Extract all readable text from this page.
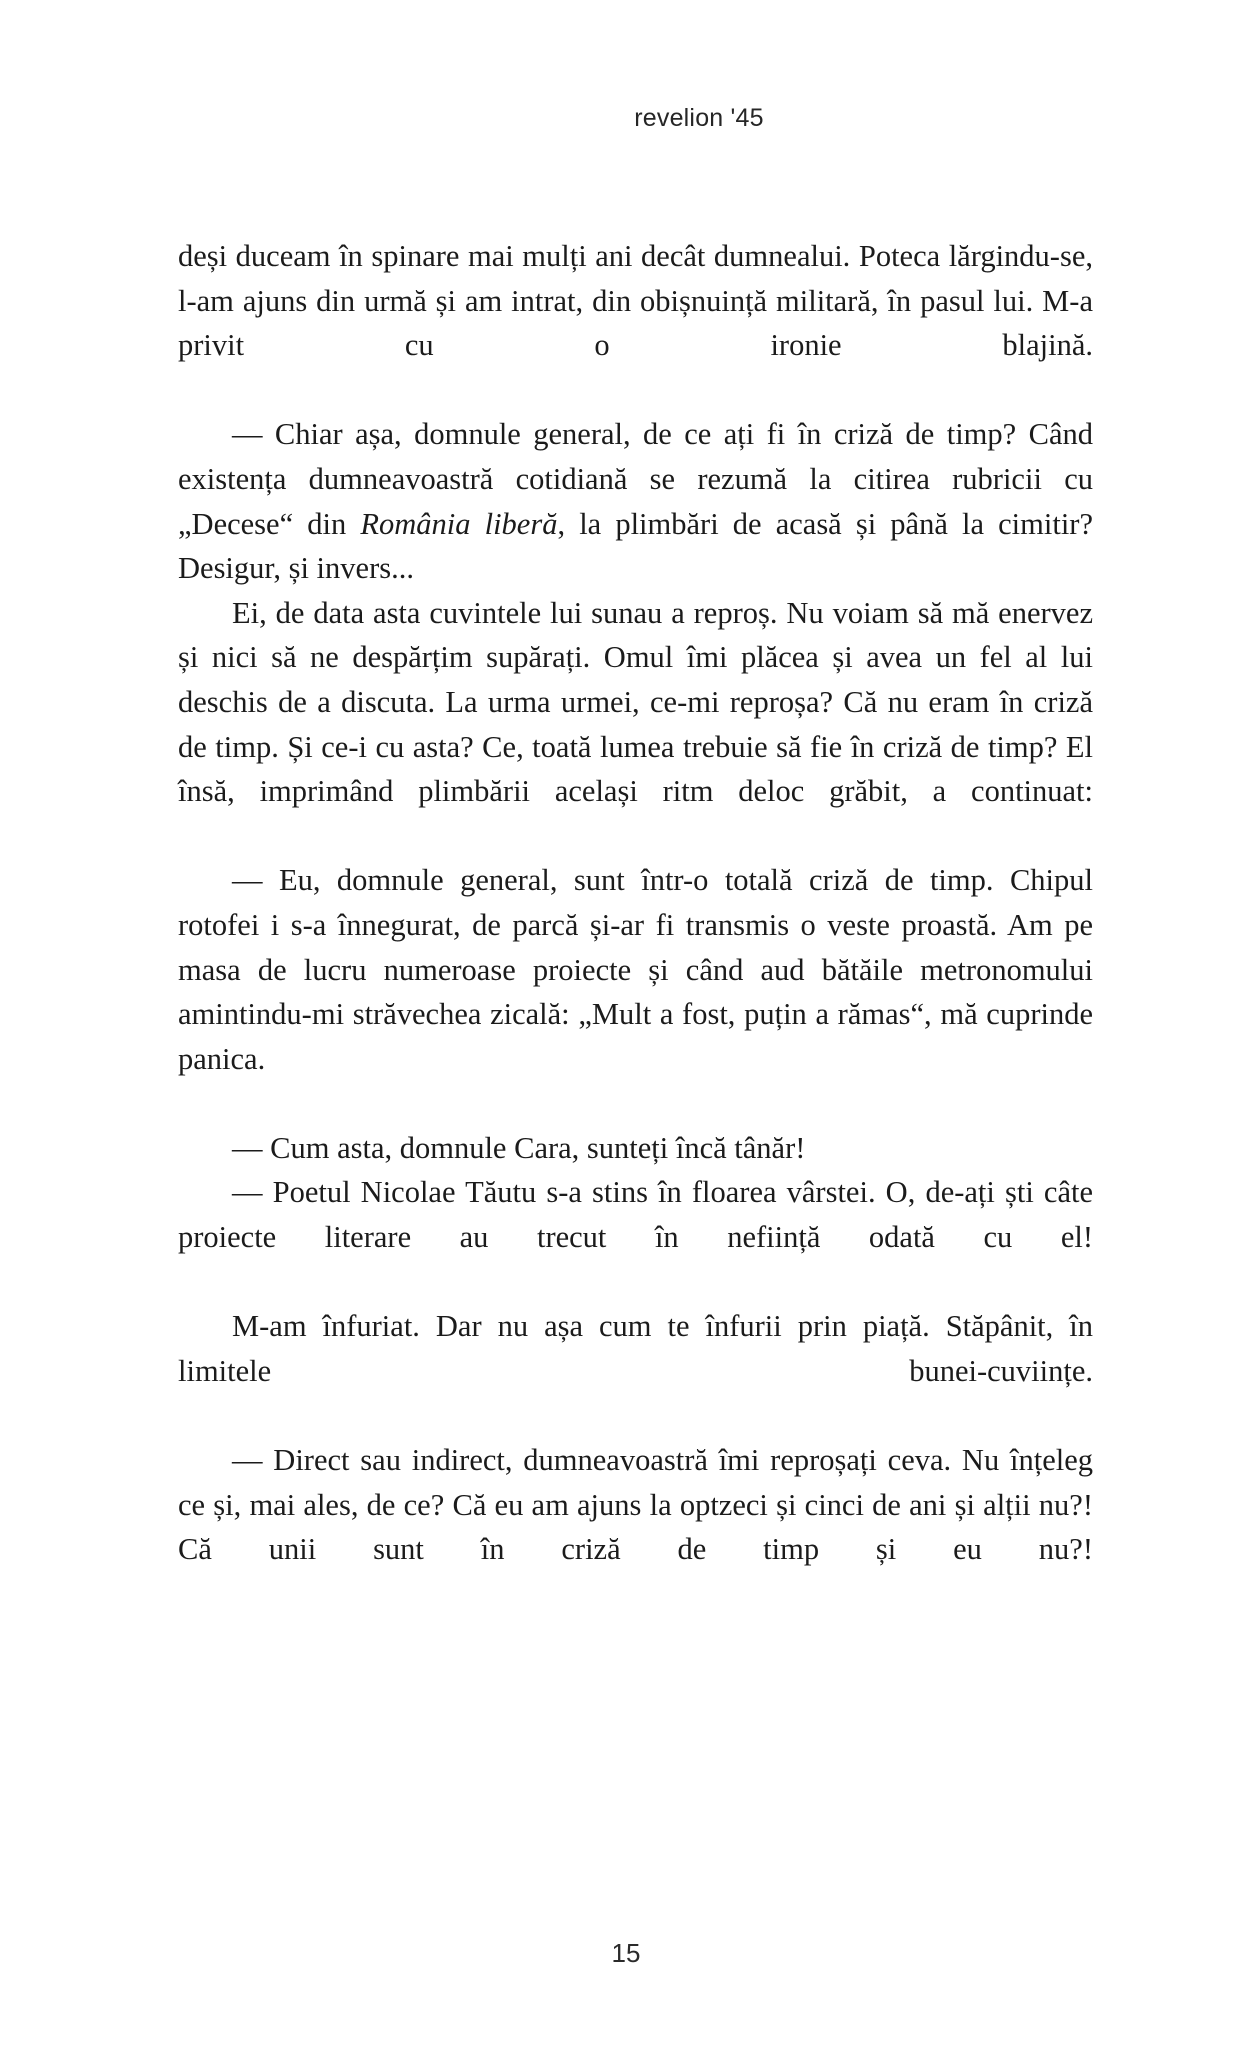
revelion '45

deși duceam în spinare mai mulți ani decât dumnealui. Poteca lărgindu-se, l-am ajuns din urmă și am intrat, din obișnuință militară, în pasul lui. M-a privit cu o ironie blajină.

— Chiar așa, domnule general, de ce ați fi în criză de timp? Când existența dumneavoastră cotidiană se rezumă la citirea rubricii cu „Decese“ din România liberă, la plimbări de acasă și până la cimitir? Desigur, și invers...

Ei, de data asta cuvintele lui sunau a reproș. Nu voiam să mă enervez și nici să ne despărțim supărați. Omul îmi plăcea și avea un fel al lui deschis de a discuta. La urma urmei, ce-mi reproșa? Că nu eram în criză de timp. Și ce-i cu asta? Ce, toată lumea trebuie să fie în criză de timp? El însă, imprimând plimbării același ritm deloc grăbit, a continuat:

— Eu, domnule general, sunt într-o totală criză de timp. Chipul rotofei i s-a înnegurat, de parcă și-ar fi transmis o veste proastă. Am pe masa de lucru numeroase proiecte și când aud bătăile metronomului amintindu-mi străvechea zicală: „Mult a fost, puțin a rămas“, mă cuprinde panica.

— Cum asta, domnule Cara, sunteți încă tânăr!

— Poetul Nicolae Tăutu s-a stins în floarea vârstei. O, de-ați ști câte proiecte literare au trecut în neființă odată cu el!

M-am înfuriat. Dar nu așa cum te înfurii prin piață. Stăpânit, în limitele bunei-cuviințe.

— Direct sau indirect, dumneavoastră îmi reproșați ceva. Nu înțeleg ce și, mai ales, de ce? Că eu am ajuns la optzeci și cinci de ani și alții nu?! Că unii sunt în criză de timp și eu nu?!

15
